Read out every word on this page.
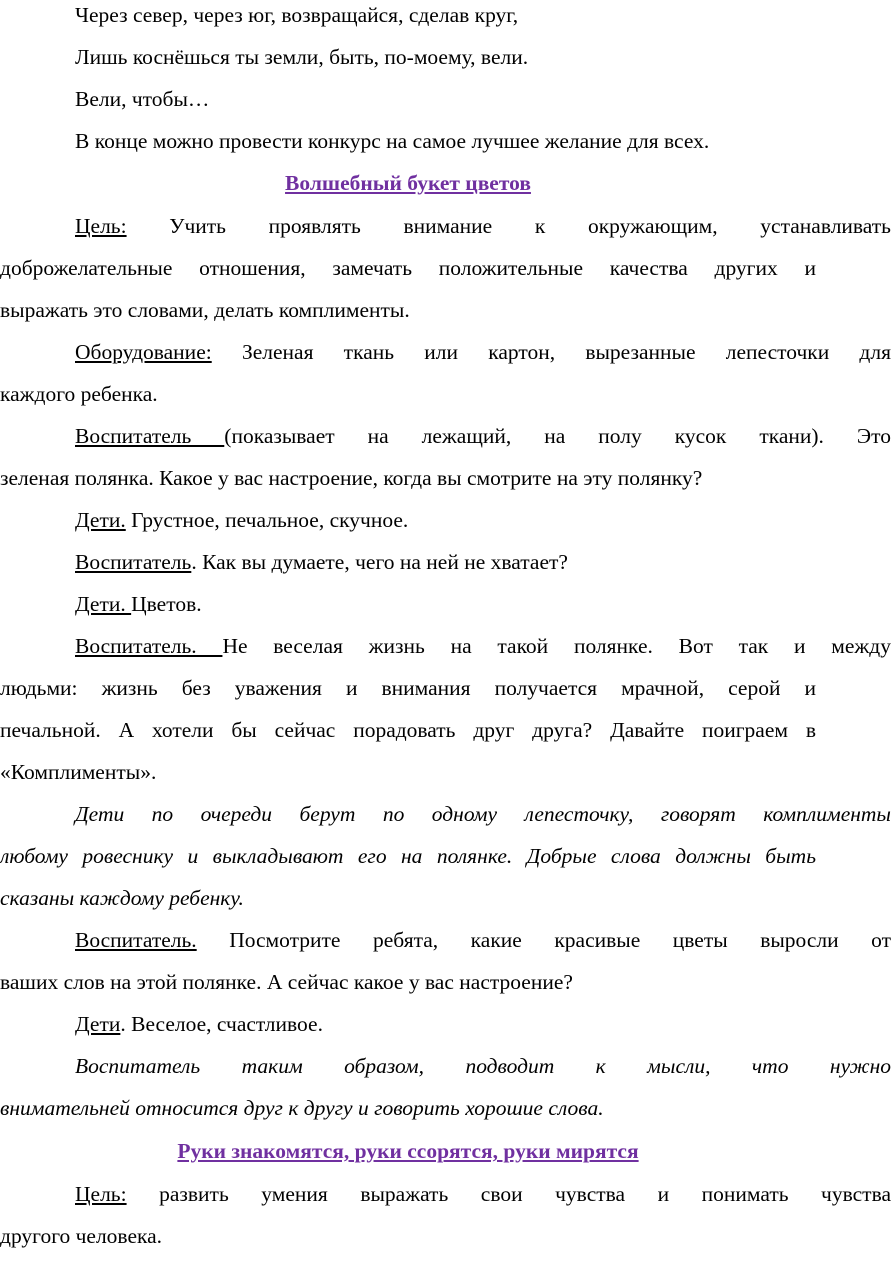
Через север, через юг, возвращайся, сделав круг,
Лишь коснёшься ты земли, быть, по-моему, вели.
Вели, чтобы…
В конце можно провести конкурс на самое лучшее желание для всех.
Волшебный букет цветов
Цель: Учить проявлять внимание к окружающим, устанавливать
доброжелательные отношения, замечать положительные качества других и
выражать это словами, делать комплименты.
Оборудование: Зеленая ткань или картон, вырезанные лепесточки для
каждого ребенка.
Воспитатель (показывает на лежащий, на полу кусок ткани). Это
зеленая полянка. Какое у вас настроение, когда вы смотрите на эту полянку?
Дети. Грустное, печальное, скучное.
Воспитатель. Как вы думаете, чего на ней не хватает?
Дети. Цветов.
Воспитатель. Не веселая жизнь на такой полянке. Вот так и между
людьми: жизнь без уважения и внимания получается мрачной, серой и
печальной. А хотели бы сейчас порадовать друг друга? Давайте поиграем в
«Комплименты».
Дети по очереди берут по одному лепесточку, говорят комплименты
любому ровеснику и выкладывают его на полянке. Добрые слова должны быть
сказаны каждому ребенку.
Воспитатель. Посмотрите ребята, какие красивые цветы выросли от
ваших слов на этой полянке. А сейчас какое у вас настроение?
Дети. Веселое, счастливое.
Воспитатель таким образом, подводит к мысли, что нужно
внимательней относится друг к другу и говорить хорошие слова.
Руки знакомятся, руки ссорятся, руки мирятся
Цель: развить умения выражать свои чувства и понимать чувства
другого человека.
